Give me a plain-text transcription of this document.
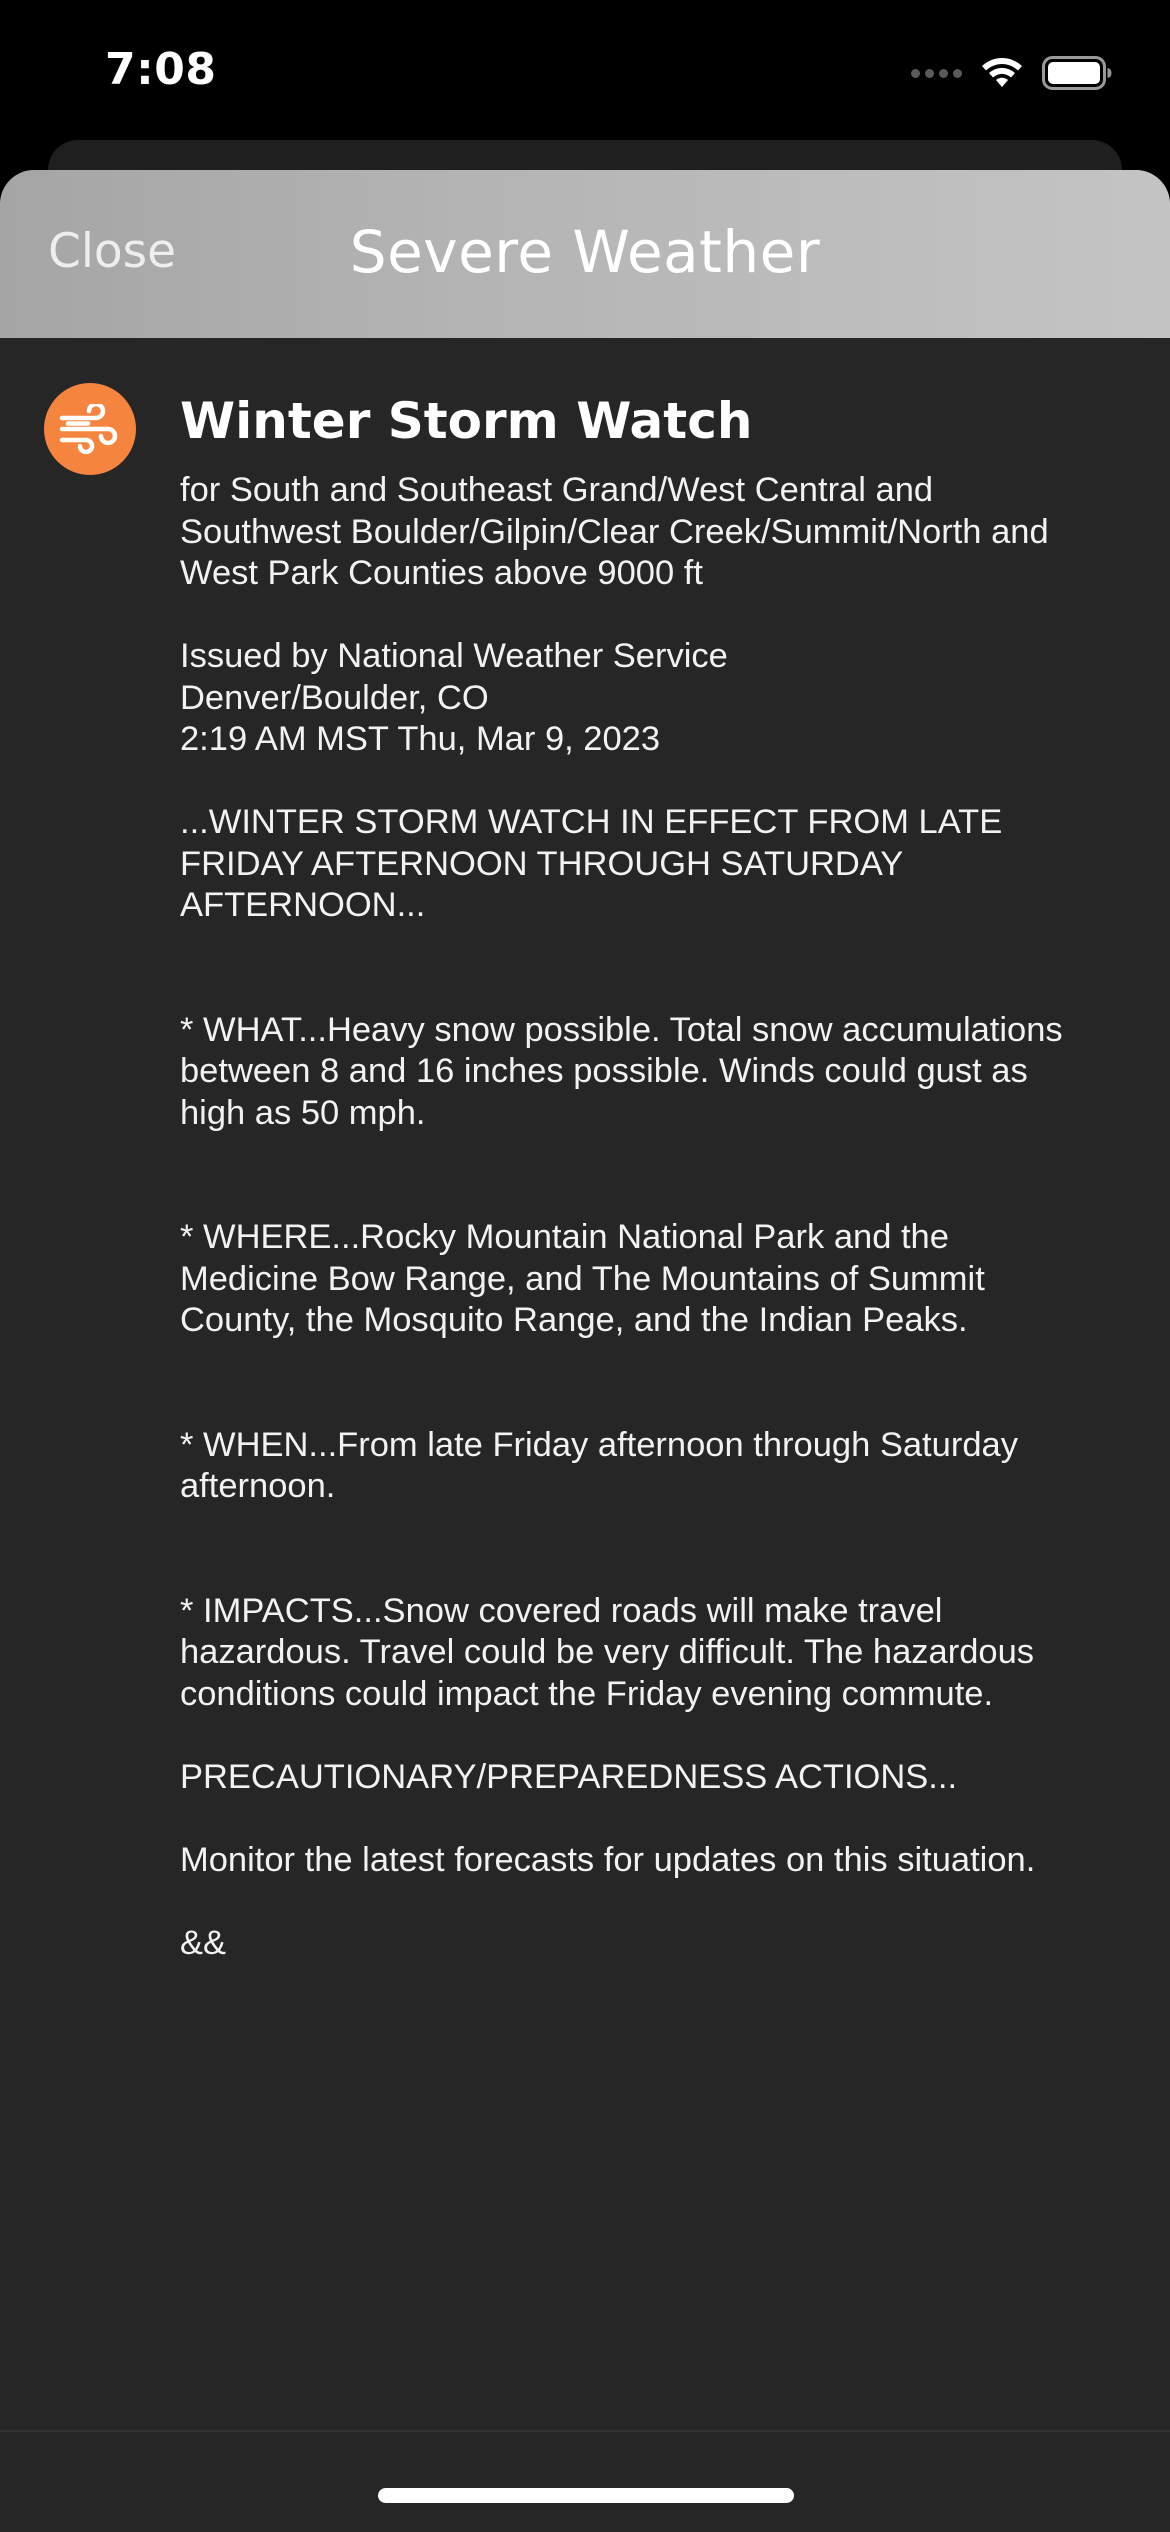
7:08
Close	Severe Weather
Winter Storm Watch
for South and Southeast Grand/West Central and
Southwest Boulder/Gilpin/Clear Creek/Summit/North and
West Park Counties above 9000 ft
Issued by National Weather Service
Denver/Boulder, CO
2:19 AM MST Thu, Mar 9, 2023
...WINTER STORM WATCH IN EFFECT FROM LATE
FRIDAY AFTERNOON THROUGH SATURDAY
AFTERNOON...
* WHAT...Heavy snow possible. Total snow accumulations
between 8 and 16 inches possible. Winds could gust as
high as 50 mph.
* WHERE...Rocky Mountain National Park and the
Medicine Bow Range, and The Mountains of Summit
County, the Mosquito Range, and the Indian Peaks.
* WHEN...From late Friday afternoon through Saturday
afternoon.
* IMPACTS...Snow covered roads will make travel
hazardous. Travel could be very difficult. The hazardous
conditions could impact the Friday evening commute.
PRECAUTIONARY/PREPAREDNESS ACTIONS...
Monitor the latest forecasts for updates on this situation.
&&
